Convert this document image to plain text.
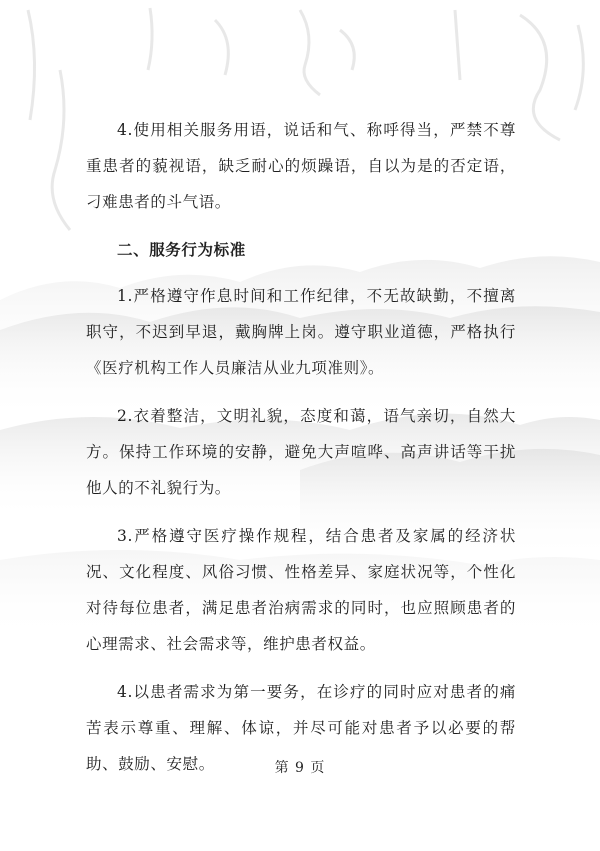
4.使用相关服务用语，说话和气、称呼得当，严禁不尊重患者的藐视语，缺乏耐心的烦躁语，自以为是的否定语，刁难患者的斗气语。

二、服务行为标准

1.严格遵守作息时间和工作纪律，不无故缺勤，不擅离职守，不迟到早退，戴胸牌上岗。遵守职业道德，严格执行《医疗机构工作人员廉洁从业九项准则》。

2.衣着整洁，文明礼貌，态度和蔼，语气亲切，自然大方。保持工作环境的安静，避免大声喧哗、高声讲话等干扰他人的不礼貌行为。

3.严格遵守医疗操作规程，结合患者及家属的经济状况、文化程度、风俗习惯、性格差异、家庭状况等，个性化对待每位患者，满足患者治病需求的同时，也应照顾患者的心理需求、社会需求等，维护患者权益。

4.以患者需求为第一要务，在诊疗的同时应对患者的痛苦表示尊重、理解、体谅，并尽可能对患者予以必要的帮助、鼓励、安慰。	第 9 页
